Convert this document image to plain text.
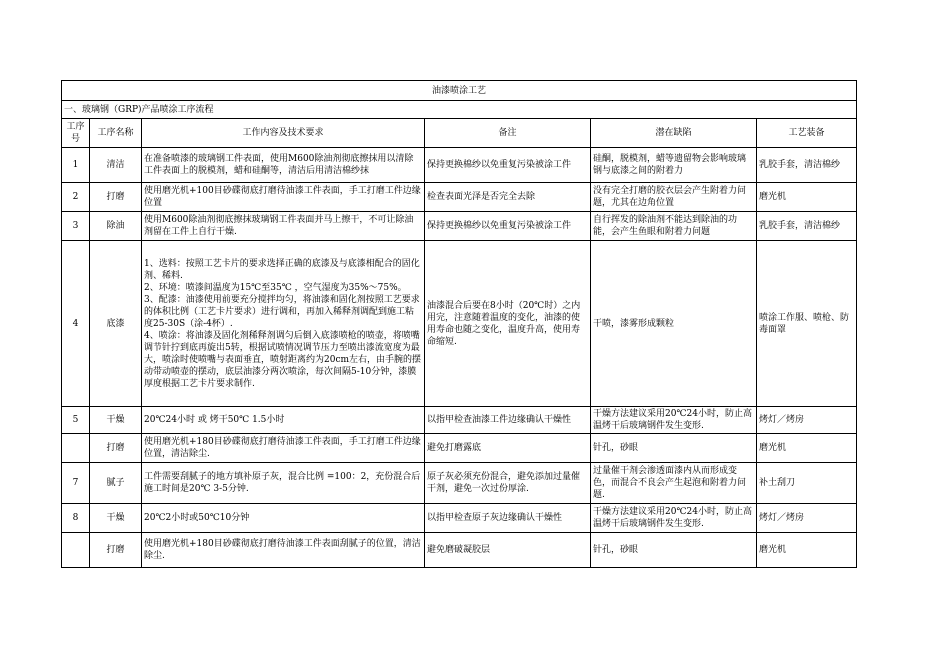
油漆喷涂工艺					
一、玻璃钢（GRP)产品喷涂工序流程					
工序号	工序名称	工作内容及技术要求	备注	潜在缺陷	工艺装备
1	清洁	在准备喷漆的玻璃钢工件表面，使用M600除油剂彻底擦抹用以清除工件表面上的脱模剂，蜡和硅酮等，清洁后用清洁棉纱抹	保持更换棉纱以免重复污染被涂工件	硅酮，脱模剂，蜡等遗留物会影响玻璃钢与底漆之间的附着力	乳胶手套，清洁棉纱
2	打磨	使用磨光机+100目砂碟彻底打磨待油漆工件表面，手工打磨工件边缘位置	检查表面光泽是否完全去除	没有完全打磨的胶衣层会产生附着力问题，尤其在边角位置	磨光机
3	除油	使用M600除油剂彻底擦抹玻璃钢工件表面并马上擦干，不可让除油剂留在工件上自行干燥.	保持更换棉纱以免重复污染被涂工件	自行挥发的除油剂不能达到除油的功能，会产生鱼眼和附着力问题	乳胶手套，清洁棉纱
4	底漆	1、选料：按照工艺卡片的要求选择正确的底漆及与底漆相配合的固化剂、稀料.
2、环境：喷漆间温度为15℃至35℃ ，空气湿度为35%～75%。
3、配漆：油漆使用前要充分搅拌均匀，将油漆和固化剂按照工艺要求的体积比例（工艺卡片要求）进行调和，再加入稀释剂调配到施工粘度25-30S（涂-4杯）.
4、喷涂：将油漆及固化剂稀释剂调匀后倒入底漆喷枪的喷壶，将喷嘴调节针拧到底再旋出5转，根据试喷情况调节压力至喷出漆流宽度为最大，喷涂时使喷嘴与表面垂直，喷射距离约为20cm左右，由手腕的摆动带动喷壶的摆动，底层油漆分两次喷涂，每次间隔5-10分钟，漆膜厚度根据工艺卡片要求制作.	油漆混合后要在8小时（20℃时）之内用完，注意随着温度的变化，油漆的使用寿命也随之变化，温度升高，使用寿命缩短.	干喷，漆雾形成颗粒	喷涂工作服、喷枪、防毒面罩
5	干燥	20℃24小时 或 烤干50℃ 1.5小时	以指甲检查油漆工件边缘确认干燥性	干燥方法建议采用20℃24小时，防止高温烤干后玻璃钢件发生变形.	烤灯／烤房
	打磨	使用磨光机+180目砂碟彻底打磨待油漆工件表面，手工打磨工件边缘位置，清洁除尘.	避免打磨露底	针孔，砂眼	磨光机
7	腻子	工件需要刮腻子的地方填补原子灰，混合比例 =100：2，充份混合后施工时间是20℃ 3-5分钟.	原子灰必须充份混合，避免添加过量催干剂，避免一次过份厚涂.	过量催干剂会渗透面漆内从而形成变色，而混合不良会产生起泡和附着力问题.	补土刮刀
8	干燥	20℃2小时或50℃10分钟	以指甲检查原子灰边缘确认干燥性	干燥方法建议采用20℃24小时，防止高温烤干后玻璃钢件发生变形.	烤灯／烤房
	打磨	使用磨光机+180目砂碟彻底打磨待油漆工件表面刮腻子的位置，清洁除尘.	避免磨破凝胶层	针孔，砂眼	磨光机
